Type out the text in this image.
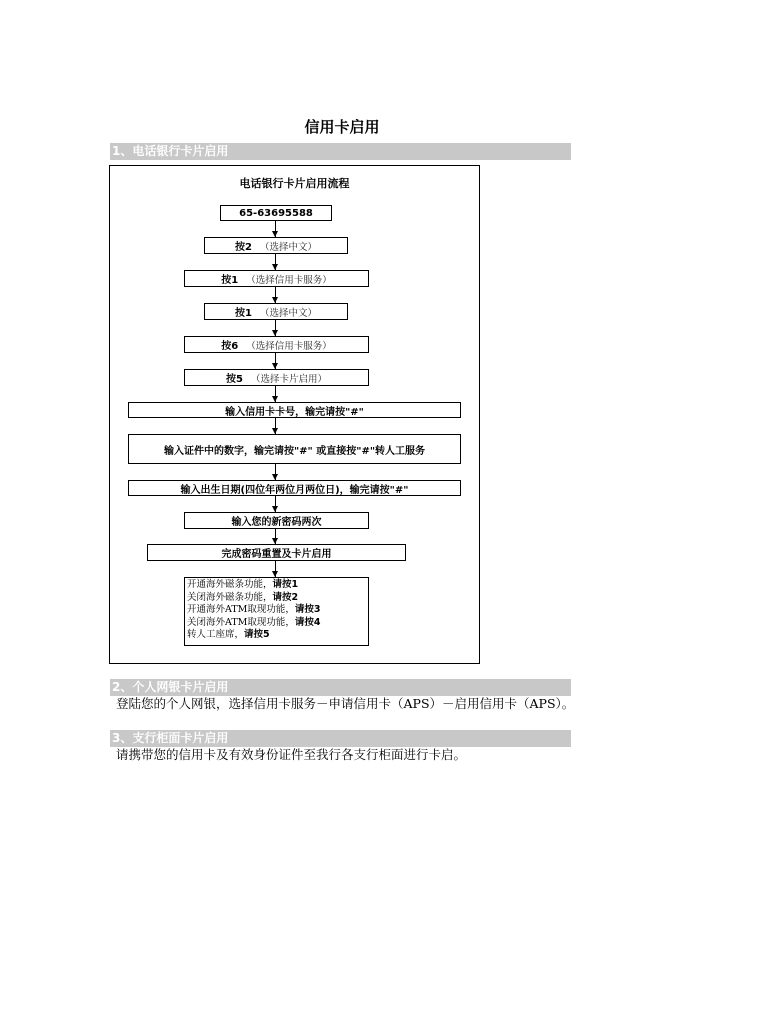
信用卡启用
1、电话银行卡片启用
电话银行卡片启用流程
65-63695588
按2 （选择中文）
按1 （选择信用卡服务）
按1 （选择中文）
按6 （选择信用卡服务）
按5 （选择卡片启用）
输入信用卡卡号，输完请按"#"
输入证件中的数字，输完请按"#" 或直接按"#"转人工服务
输入出生日期(四位年两位月两位日)，输完请按"#"
输入您的新密码两次
完成密码重置及卡片启用
开通海外磁条功能，请按1
关闭海外磁条功能，请按2
开通海外ATM取现功能，请按3
关闭海外ATM取现功能，请按4
转人工座席，请按5
2、个人网银卡片启用
登陆您的个人网银，选择信用卡服务－申请信用卡（APS）－启用信用卡（APS）。
3、支行柜面卡片启用
请携带您的信用卡及有效身份证件至我行各支行柜面进行卡启。
